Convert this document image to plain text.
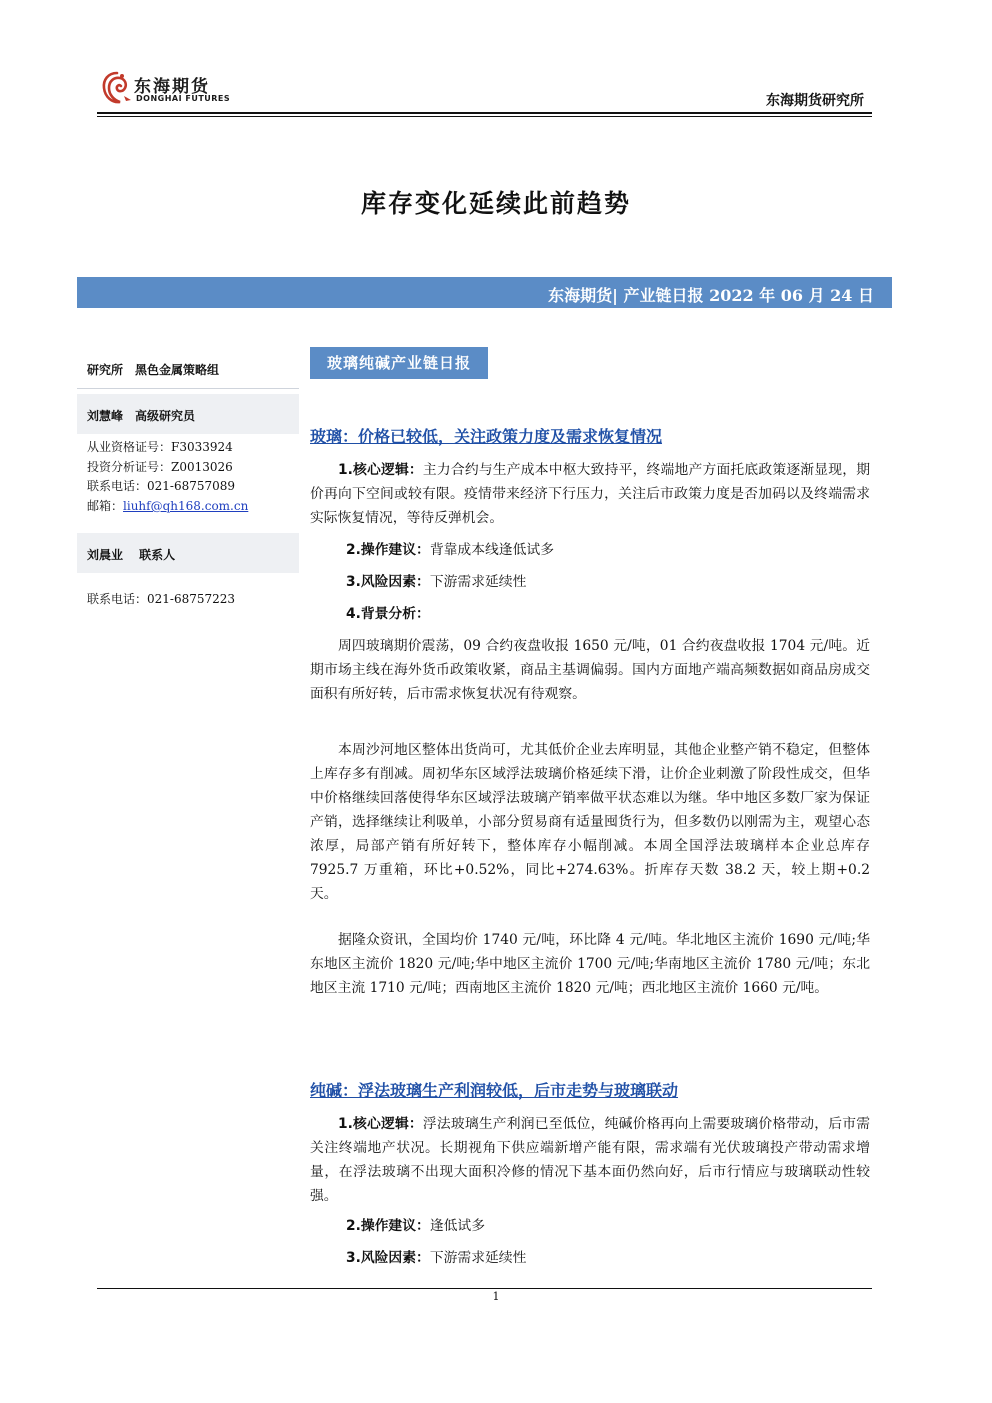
东海期货
DONGHAI FUTURES	东海期货研究所
库存变化延续此前趋势
东海期货| 产业链日报 2022 年 06 月 24 日
研究所　黑色金属策略组
刘慧峰　高级研究员
从业资格证号：F3033924
投资分析证号：Z0013026
联系电话：021-68757089
邮箱：liuhf@qh168.com.cn
刘晨业　 联系人
联系电话：021-68757223
玻璃纯碱产业链日报
玻璃：价格已较低，关注政策力度及需求恢复情况
1.核心逻辑：主力合约与生产成本中枢大致持平，终端地产方面托底政策逐渐显现，期价再向下空间或较有限。疫情带来经济下行压力，关注后市政策力度是否加码以及终端需求实际恢复情况，等待反弹机会。
2.操作建议：背靠成本线逢低试多
3.风险因素：下游需求延续性
4.背景分析：
周四玻璃期价震荡，09 合约夜盘收报 1650 元/吨，01 合约夜盘收报 1704 元/吨。近期市场主线在海外货币政策收紧，商品主基调偏弱。国内方面地产端高频数据如商品房成交面积有所好转，后市需求恢复状况有待观察。
本周沙河地区整体出货尚可，尤其低价企业去库明显，其他企业整产销不稳定，但整体上库存多有削减。周初华东区域浮法玻璃价格延续下滑，让价企业刺激了阶段性成交，但华中价格继续回落使得华东区域浮法玻璃产销率做平状态难以为继。华中地区多数厂家为保证产销，选择继续让利吸单，小部分贸易商有适量囤货行为，但多数仍以刚需为主，观望心态浓厚，局部产销有所好转下，整体库存小幅削减。本周全国浮法玻璃样本企业总库存 7925.7 万重箱，环比+0.52%，同比+274.63%。折库存天数 38.2 天，较上期+0.2 天。
据隆众资讯，全国均价 1740 元/吨，环比降 4 元/吨。华北地区主流价 1690 元/吨;华东地区主流价 1820 元/吨;华中地区主流价 1700 元/吨;华南地区主流价 1780 元/吨；东北地区主流 1710 元/吨；西南地区主流价 1820 元/吨；西北地区主流价 1660 元/吨。
纯碱：浮法玻璃生产利润较低，后市走势与玻璃联动
1.核心逻辑：浮法玻璃生产利润已至低位，纯碱价格再向上需要玻璃价格带动，后市需关注终端地产状况。长期视角下供应端新增产能有限，需求端有光伏玻璃投产带动需求增量，在浮法玻璃不出现大面积冷修的情况下基本面仍然向好，后市行情应与玻璃联动性较强。
2.操作建议：逢低试多
3.风险因素：下游需求延续性
1
